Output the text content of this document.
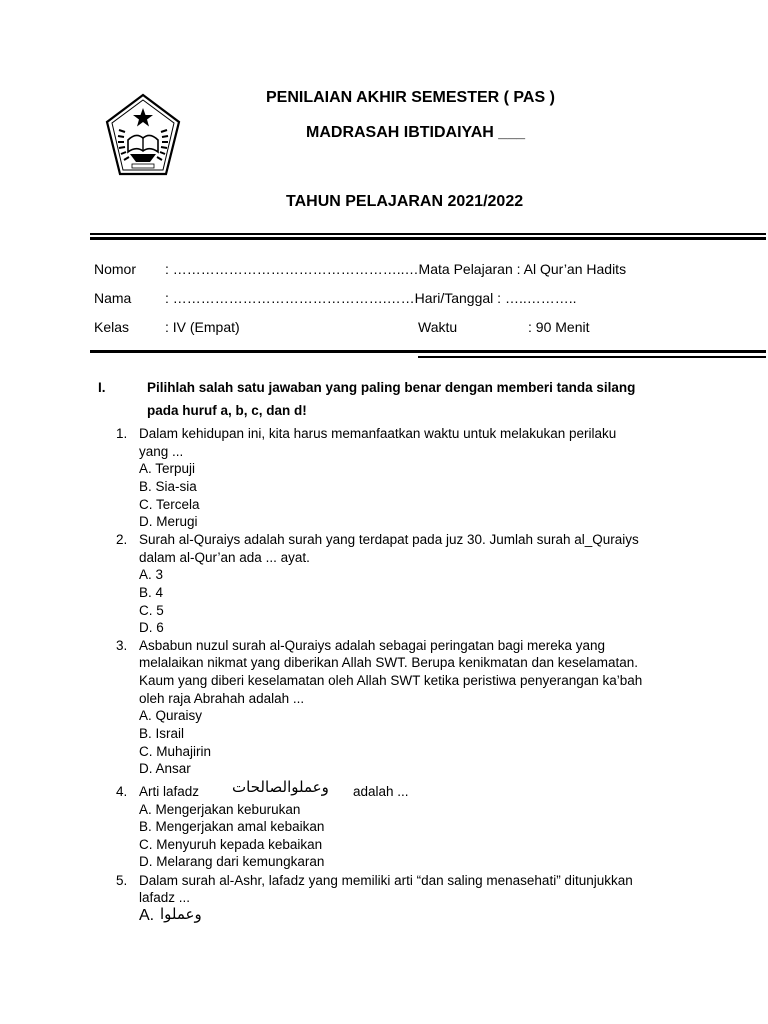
PENILAIAN AKHIR SEMESTER ( PAS )
MADRASAH IBTIDAIYAH ___
TAHUN PELAJARAN 2021/2022
Nomor : …………………………………………..…Mata Pelajaran : Al Qur’an Hadits
Nama : ……………………………………….……Hari/Tanggal : …..………..
Kelas	: IV (Empat)	Waktu	: 90 Menit
I.	Pilihlah salah satu jawaban yang paling benar dengan memberi tanda silang
pada huruf a, b, c, dan d!
1. Dalam kehidupan ini, kita harus memanfaatkan waktu untuk melakukan perilaku
yang ...
A. Terpuji
B. Sia-sia
C. Tercela
D. Merugi
2. Surah al-Quraiys adalah surah yang terdapat pada juz 30. Jumlah surah al_Quraiys
dalam al-Qur’an ada ... ayat.
A. 3
B. 4
C. 5
D. 6
3. Asbabun nuzul surah al-Quraiys adalah sebagai peringatan bagi mereka yang
melalaikan nikmat yang diberikan Allah SWT. Berupa kenikmatan dan keselamatan.
Kaum yang diberi keselamatan oleh Allah SWT ketika peristiwa penyerangan ka’bah
oleh raja Abrahah adalah ...
A. Quraisy
B. Israil
C. Muhajirin
D. Ansar
4. Arti lafadz وعملوالصالحات adalah ...
A. Mengerjakan keburukan
B. Mengerjakan amal kebaikan
C. Menyuruh kepada kebaikan
D. Melarang dari kemungkaran
5. Dalam surah al-Ashr, lafadz yang memiliki arti “dan saling menasehati” ditunjukkan
lafadz ...
A. وعملوا
